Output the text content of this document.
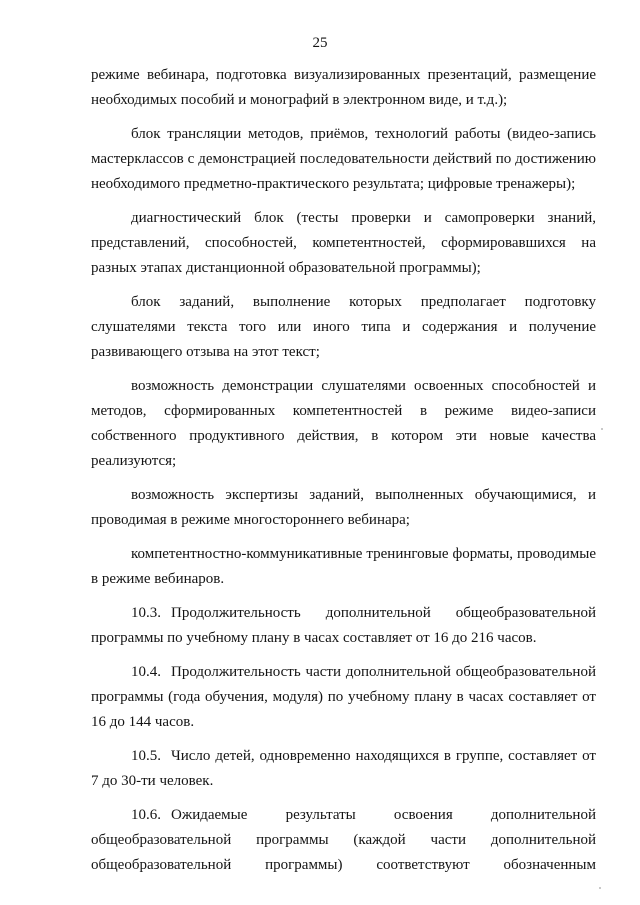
25

режиме вебинара, подготовка визуализированных презентаций, размещение необходимых пособий и монографий в электронном виде, и т.д.);

блок трансляции методов, приёмов, технологий работы (видео-запись мастерклассов с демонстрацией последовательности действий по достижению необходимого предметно-практического результата; цифровые тренажеры);

диагностический блок (тесты проверки и самопроверки знаний, представлений, способностей, компетентностей, сформировавшихся на разных этапах дистанционной образовательной программы);

блок заданий, выполнение которых предполагает подготовку слушателями текста того или иного типа и содержания и получение развивающего отзыва на этот текст;

возможность демонстрации слушателями освоенных способностей и методов, сформированных компетентностей в режиме видео-записи собственного продуктивного действия, в котором эти новые качества реализуются;

возможность экспертизы заданий, выполненных обучающимися, и проводимая в режиме многостороннего вебинара;

компетентностно-коммуникативные тренинговые форматы, проводимые в режиме вебинаров.

10.3. Продолжительность дополнительной общеобразовательной программы по учебному плану в часах составляет от 16 до 216 часов.

10.4. Продолжительность части дополнительной общеобразовательной программы (года обучения, модуля) по учебному плану в часах составляет от 16 до 144 часов.

10.5. Число детей, одновременно находящихся в группе, составляет от 7 до 30-ти человек.

10.6. Ожидаемые результаты освоения дополнительной общеобразовательной программы (каждой части дополнительной общеобразовательной программы) соответствуют обозначенным
